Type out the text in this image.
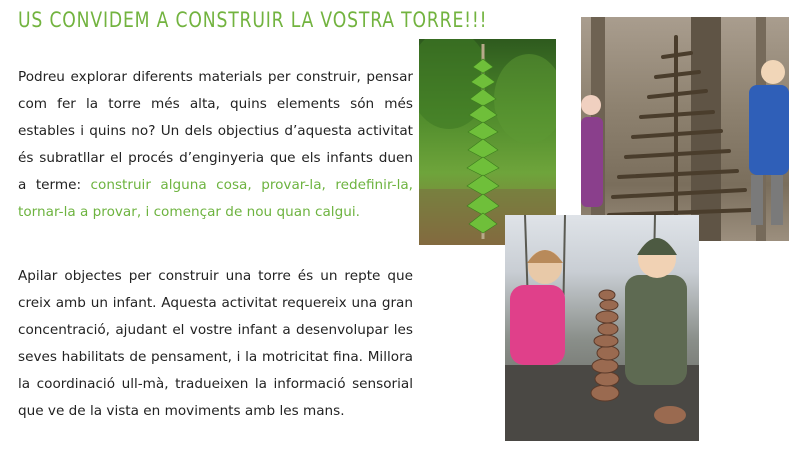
US CONVIDEM A CONSTRUIR LA VOSTRA TORRE!!!
Podreu explorar diferents materials per construir, pensar com fer la torre més alta, quins elements són més estables i quins no? Un dels objectius d’aquesta activitat és subratllar el procés d’enginyeria que els infants duen a terme: construir alguna cosa, provar-la, redefinir-la, tornar-la a provar, i començar de nou quan calgui.
Apilar objectes per construir una torre és un repte que creix amb un infant. Aquesta activitat requereix una gran concentració, ajudant el vostre infant a desenvolupar les seves habilitats de pensament, i la motricitat fina. Millora la coordinació ull-mà, tradueixen la informació sensorial que ve de la vista en moviments amb les mans.
